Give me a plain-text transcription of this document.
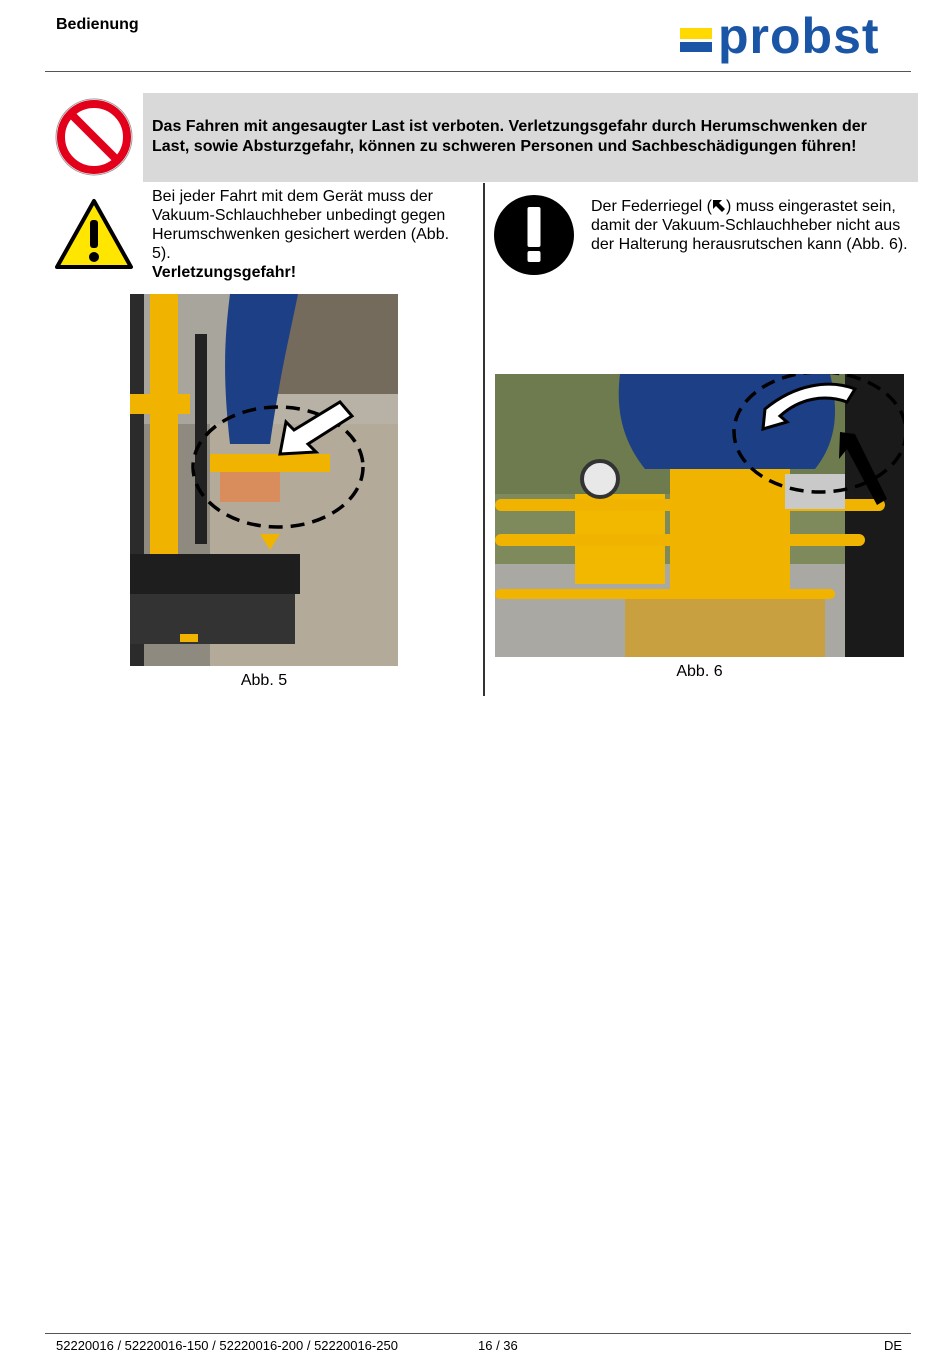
Bedienung	probst
Das Fahren mit angesaugter Last ist verboten. Verletzungsgefahr durch Herumschwenken der Last, sowie Absturzgefahr, können zu schweren Personen und Sachbeschädigungen führen!
Bei jeder Fahrt mit dem Gerät muss der Vakuum-Schlauchheber unbedingt gegen Herumschwenken gesichert werden (Abb. 5).
Verletzungsgefahr!
Der Federriegel ( ) muss eingerastet sein, damit der Vakuum-Schlauchheber nicht aus der Halterung herausrutschen kann (Abb. 6).
Abb. 5
Abb. 6
52220016 / 52220016-150 / 52220016-200 / 52220016-250	16 / 36	DE
